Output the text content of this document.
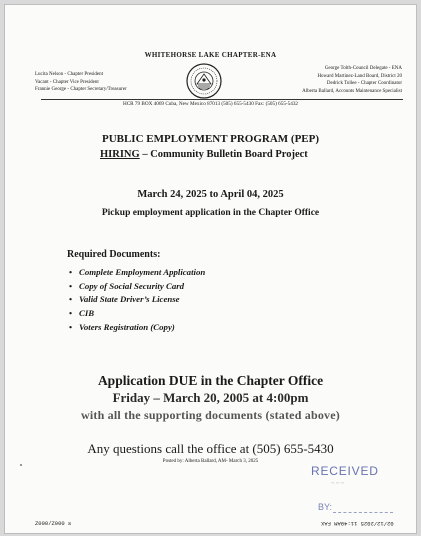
WHITEHORSE LAKE CHAPTER-ENA
Lucita Nelson - Chapter President
Vacant - Chapter Vice President
Frannie George - Chapter Secretary/Treasurer
George Tolth-Council Delegate - ENA
Howard Martinez-Land Board, District 20
Dedrick Tollee - Chapter Coordinator
Alberta Ballard, Accounts Maintenance Specialist
HCR 79 BOX 4069 Cuba, New Mexico 87013 (505) 655-5430 Fax: (505) 655-5432
PUBLIC EMPLOYMENT PROGRAM (PEP)
HIRING – Community Bulletin Board Project
March 24, 2025 to April 04, 2025
Pickup employment application in the Chapter Office
Required Documents:
• Complete Employment Application
• Copy of Social Security Card
• Valid State Driver’s License
• CIB
• Voters Registration (Copy)
Application DUE in the Chapter Office
Friday – March 20, 2005 at 4:00pm
with all the supporting documents (stated above)
Any questions call the office at (505) 655-5430
Posted by: Alberta Ballard, AM- March 3, 2025
RECEIVED
~ ~ ~
BY:
Z000/Z000 ☒	02/12/2025 11:49AM FAX
